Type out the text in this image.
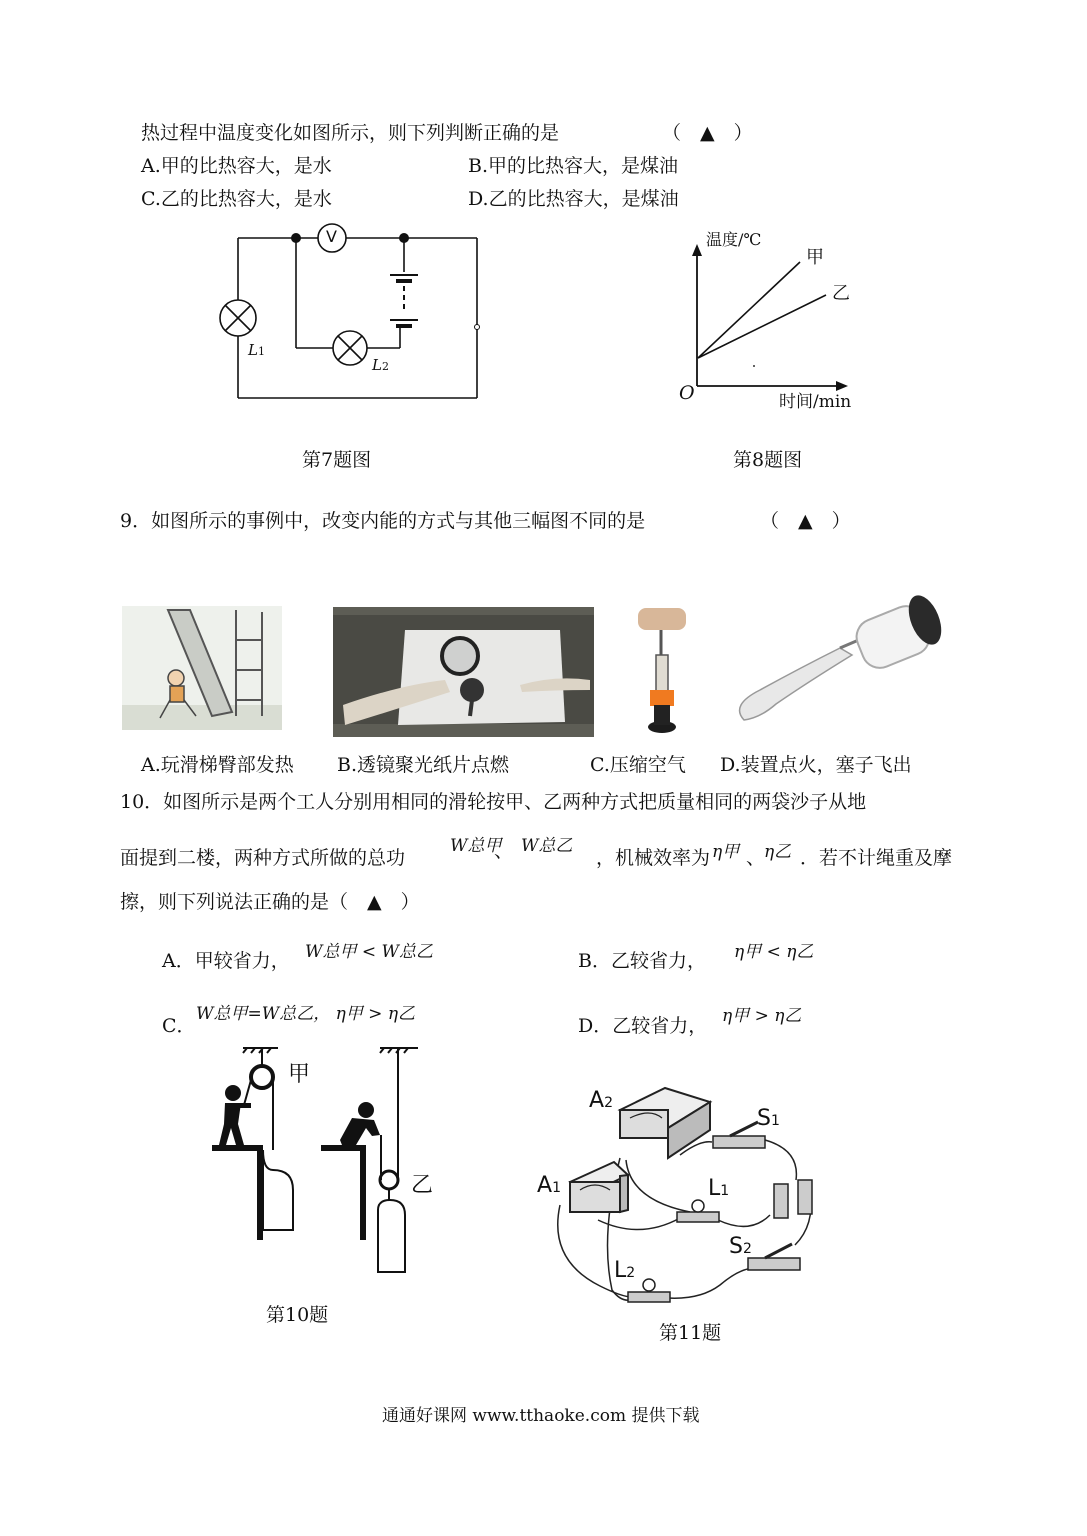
热过程中温度变化如图所示，则下列判断正确的是	（　▲　）
A.甲的比热容大，是水	B.甲的比热容大，是煤油
C.乙的比热容大，是水	D.乙的比热容大，是煤油
V
L1
L2
第7题图
温度/℃
甲
乙
O	时间/min
第8题图
9．如图所示的事例中，改变内能的方式与其他三幅图不同的是	（　▲　）
A.玩滑梯臀部发热 B.透镜聚光纸片点燃	C.压缩空气 D.装置点火，塞子飞出
10．如图所示是两个工人分别用相同的滑轮按甲、乙两种方式把质量相同的两袋沙子从地
面提到二楼，两种方式所做的总功
W总甲
、 W总乙
，机械效率为 η甲 、
η乙 ．若不计绳重及摩
擦，则下列说法正确的是（　▲　）
A．甲较省力， W总甲 < W总乙	B．乙较省力， η甲 < η乙
C．
W总甲=W总乙， η甲 > η乙
D．乙较省力， η甲 > η乙
甲
乙
第10题
A2
A1
S1
L1
S2
L2
第11题
通通好课网 www.tthaoke.com 提供下载
